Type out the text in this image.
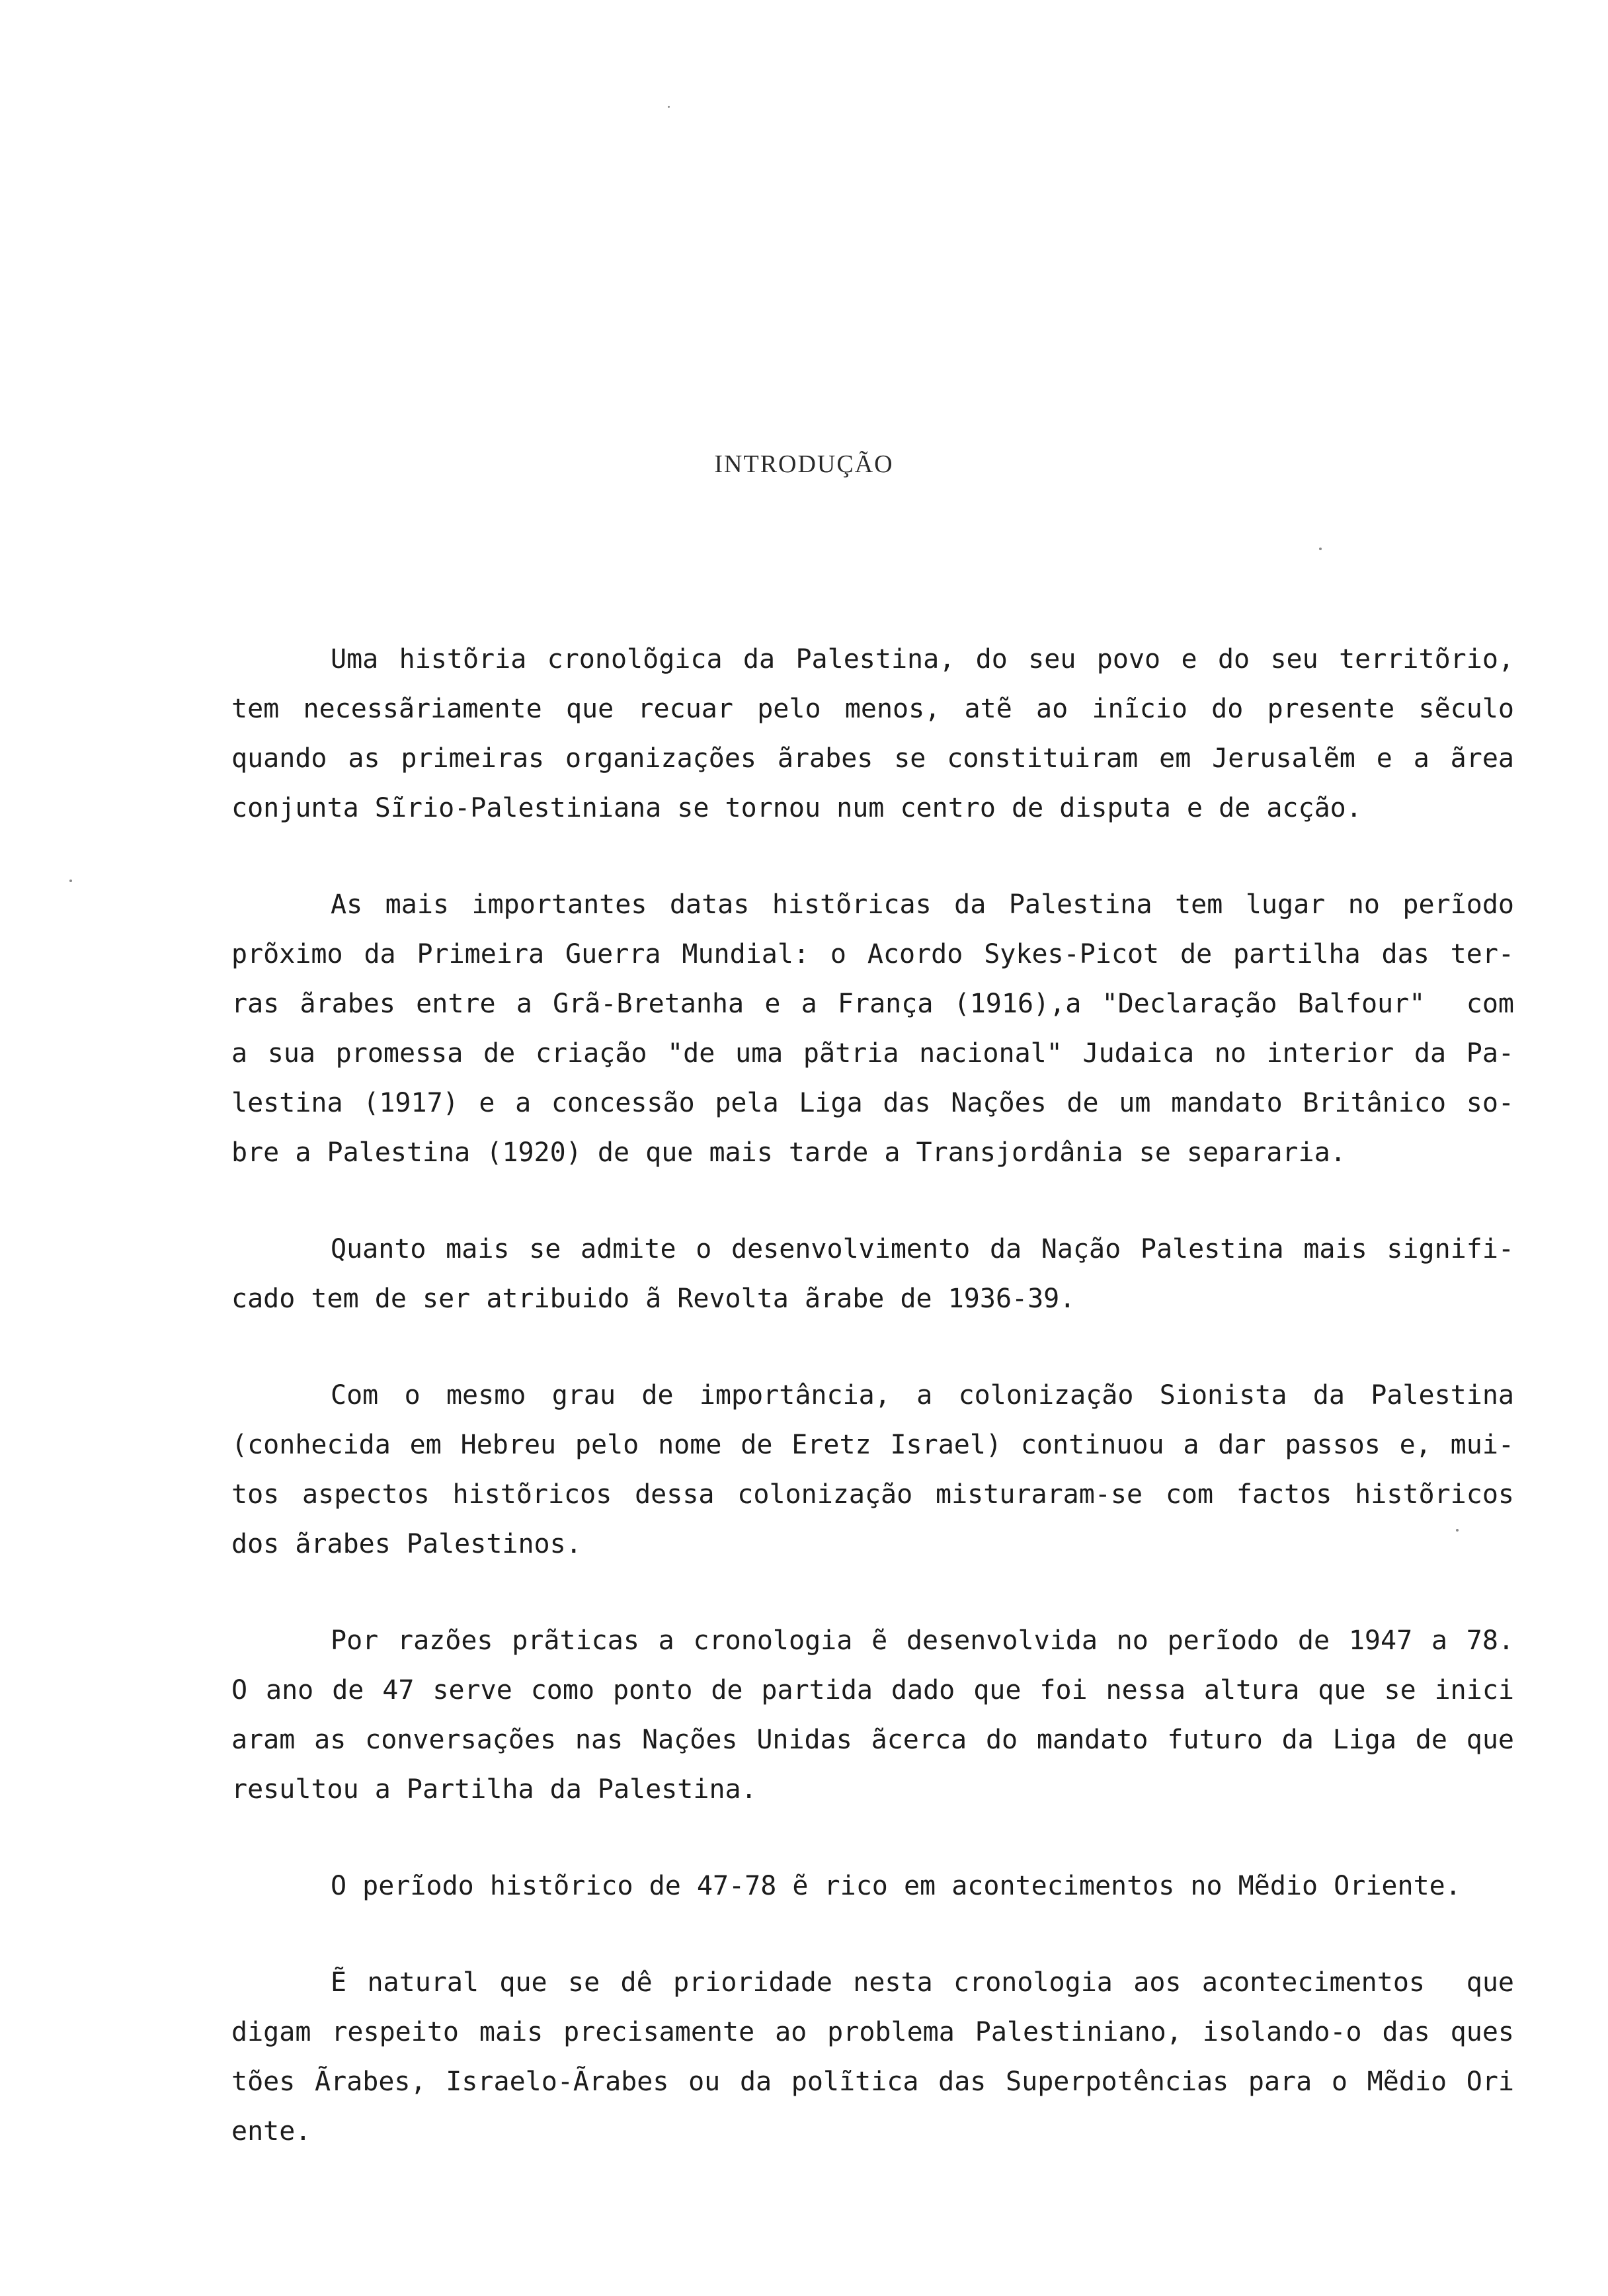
INTRODUÇÃO
Uma histõria cronolõgica da Palestina, do seu povo e do seu territõrio,
tem necessãriamente que recuar pelo menos, atẽ ao inĩcio do presente sẽculo
quando as primeiras organizações ãrabes se constituiram em Jerusalẽm e a ãrea
conjunta Sĩrio-Palestiniana se tornou num centro de disputa e de acção.
As mais importantes datas histõricas da Palestina tem lugar no perĩodo
prõximo da Primeira Guerra Mundial: o Acordo Sykes-Picot de partilha das ter-
ras ãrabes entre a Grã-Bretanha e a França (1916),a "Declaração Balfour"  com
a sua promessa de criação "de uma pãtria nacional" Judaica no interior da Pa-
lestina (1917) e a concessão pela Liga das Nações de um mandato Britânico so-
bre a Palestina (1920) de que mais tarde a Transjordânia se separaria.
Quanto mais se admite o desenvolvimento da Nação Palestina mais signifi-
cado tem de ser atribuido ã Revolta ãrabe de 1936-39.
Com o mesmo grau de importância, a colonização Sionista da Palestina
(conhecida em Hebreu pelo nome de Eretz Israel) continuou a dar passos e, mui-
tos aspectos histõricos dessa colonização misturaram-se com factos histõricos
dos ãrabes Palestinos.
Por razões prãticas a cronologia ẽ desenvolvida no perĩodo de 1947 a 78.
O ano de 47 serve como ponto de partida dado que foi nessa altura que se inici
aram as conversações nas Nações Unidas ãcerca do mandato futuro da Liga de que
resultou a Partilha da Palestina.
O perĩodo histõrico de 47-78 ẽ rico em acontecimentos no Mẽdio Oriente.
Ẽ natural que se dê prioridade nesta cronologia aos acontecimentos  que
digam respeito mais precisamente ao problema Palestiniano, isolando-o das ques
tões Ãrabes, Israelo-Ãrabes ou da polĩtica das Superpotências para o Mẽdio Ori
ente.
